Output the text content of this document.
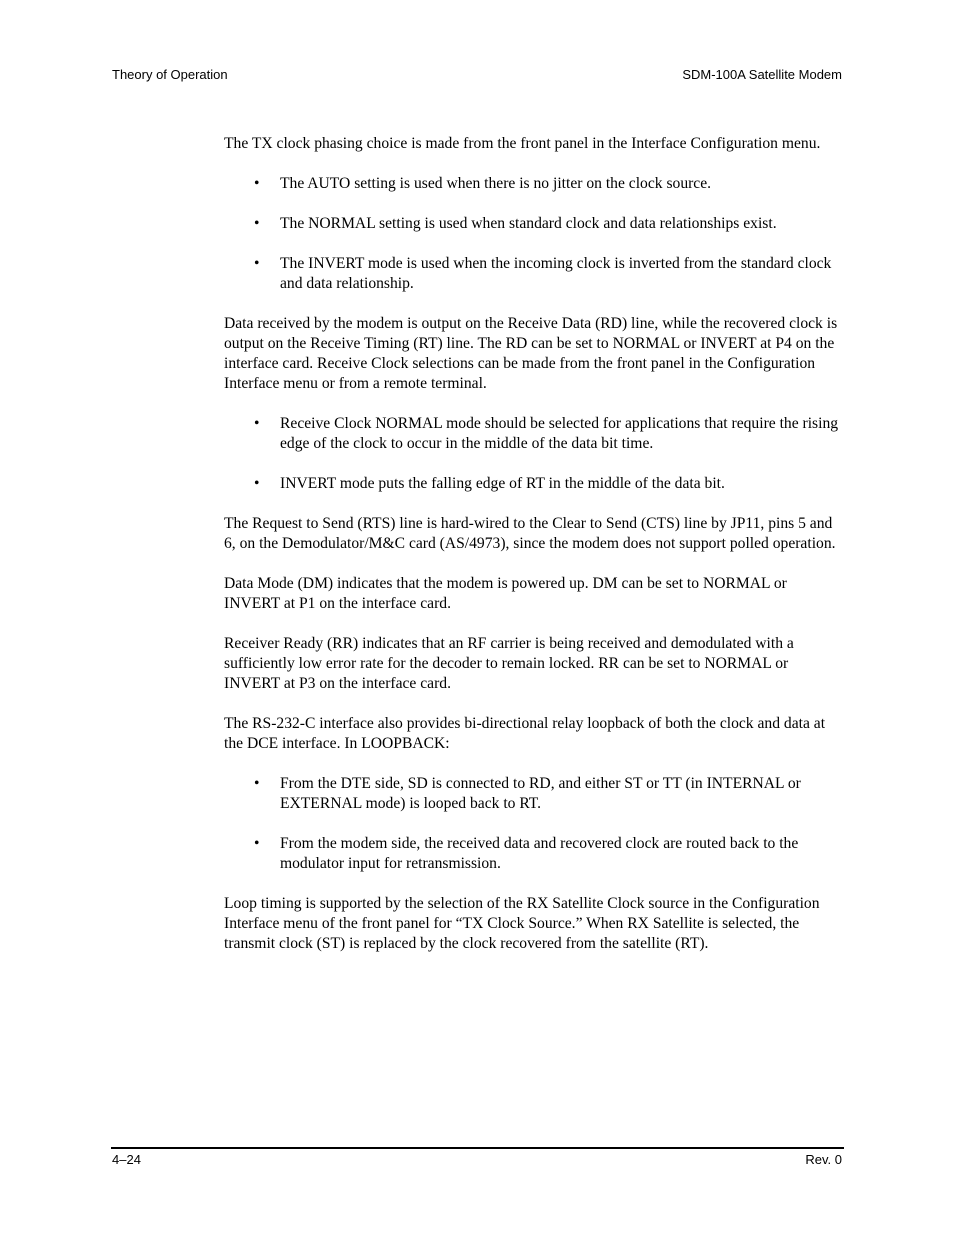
Theory of Operation	SDM-100A Satellite Modem

The TX clock phasing choice is made from the front panel in the Interface Configuration menu.

• The AUTO setting is used when there is no jitter on the clock source.
• The NORMAL setting is used when standard clock and data relationships exist.
• The INVERT mode is used when the incoming clock is inverted from the standard clock and data relationship.

Data received by the modem is output on the Receive Data (RD) line, while the recovered clock is output on the Receive Timing (RT) line. The RD can be set to NORMAL or INVERT at P4 on the interface card. Receive Clock selections can be made from the front panel in the Configuration Interface menu or from a remote terminal.

• Receive Clock NORMAL mode should be selected for applications that require the rising edge of the clock to occur in the middle of the data bit time.
• INVERT mode puts the falling edge of RT in the middle of the data bit.

The Request to Send (RTS) line is hard-wired to the Clear to Send (CTS) line by JP11, pins 5 and 6, on the Demodulator/M&C card (AS/4973), since the modem does not support polled operation.

Data Mode (DM) indicates that the modem is powered up. DM can be set to NORMAL or INVERT at P1 on the interface card.

Receiver Ready (RR) indicates that an RF carrier is being received and demodulated with a sufficiently low error rate for the decoder to remain locked. RR can be set to NORMAL or INVERT at P3 on the interface card.

The RS-232-C interface also provides bi-directional relay loopback of both the clock and data at the DCE interface. In LOOPBACK:

• From the DTE side, SD is connected to RD, and either ST or TT (in INTERNAL or EXTERNAL mode) is looped back to RT.
• From the modem side, the received data and recovered clock are routed back to the modulator input for retransmission.

Loop timing is supported by the selection of the RX Satellite Clock source in the Configuration Interface menu of the front panel for “TX Clock Source.” When RX Satellite is selected, the transmit clock (ST) is replaced by the clock recovered from the satellite (RT).

4–24	Rev. 0
